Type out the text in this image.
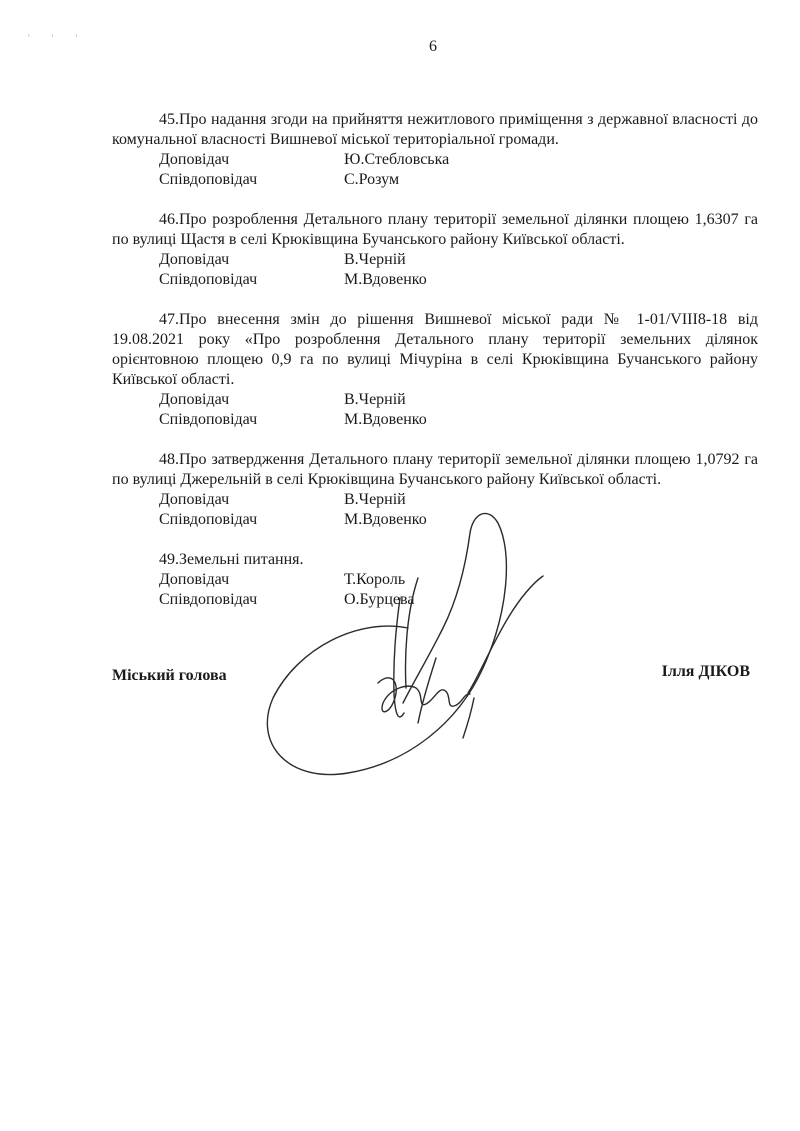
' ' '	6

45.Про надання згоди на прийняття нежитлового приміщення з державної власності до комунальної власності Вишневої міської територіальної громади.

Доповідач	Ю.Стебловська
Співдоповідач	С.Розум

46.Про розроблення Детального плану території земельної ділянки площею 1,6307 га по вулиці Щастя в селі Крюківщина Бучанського району Київської області.

Доповідач	В.Черній
Співдоповідач	М.Вдовенко

47.Про внесення змін до рішення Вишневої міської ради № 1-01/VIII8-18 від 19.08.2021 року «Про розроблення Детального плану території земельних ділянок орієнтовною площею 0,9 га по вулиці Мічуріна в селі Крюківщина Бучанського району Київської області.

Доповідач	В.Черній
Співдоповідач	М.Вдовенко

48.Про затвердження Детального плану території земельної ділянки площею 1,0792 га по вулиці Джерельній в селі Крюківщина Бучанського району Київської області.

Доповідач	В.Черній
Співдоповідач	М.Вдовенко

49.Земельні питання.

Доповідач	Т.Король
Співдоповідач	О.Бурцева
Міський голова	Ілля ДІКОВ
